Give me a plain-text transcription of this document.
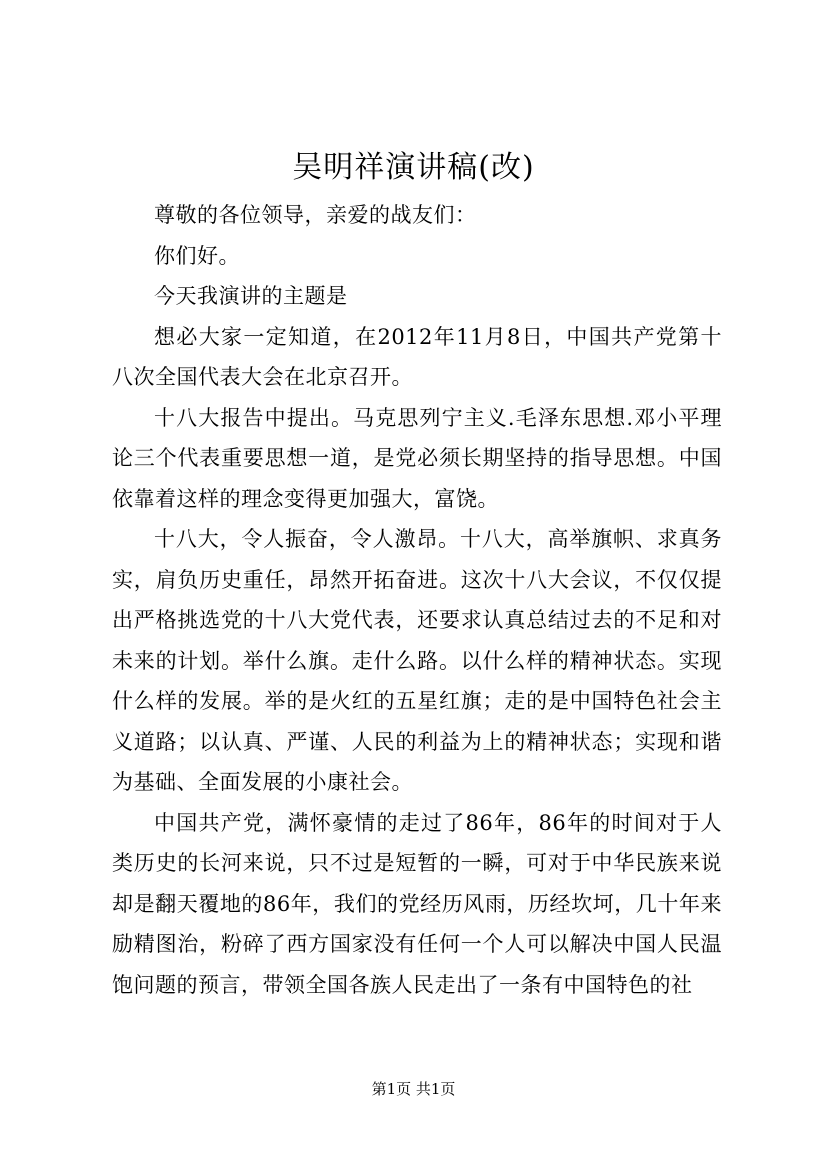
吴明祥演讲稿(改)

尊敬的各位领导，亲爱的战友们：

你们好。

今天我演讲的主题是

想必大家一定知道，在2012年11月8日，中国共产党第十八次全国代表大会在北京召开。

十八大报告中提出。马克思列宁主义.毛泽东思想.邓小平理论三个代表重要思想一道，是党必须长期坚持的指导思想。中国依靠着这样的理念变得更加强大，富饶。

十八大，令人振奋，令人激昂。十八大，高举旗帜、求真务实，肩负历史重任，昂然开拓奋进。这次十八大会议，不仅仅提出严格挑选党的十八大党代表，还要求认真总结过去的不足和对未来的计划。举什么旗。走什么路。以什么样的精神状态。实现什么样的发展。举的是火红的五星红旗；走的是中国特色社会主义道路；以认真、严谨、人民的利益为上的精神状态；实现和谐为基础、全面发展的小康社会。

中国共产党，满怀豪情的走过了86年，86年的时间对于人类历史的长河来说，只不过是短暂的一瞬，可对于中华民族来说却是翻天覆地的86年，我们的党经历风雨，历经坎坷，几十年来励精图治，粉碎了西方国家没有任何一个人可以解决中国人民温饱问题的预言，带领全国各族人民走出了一条有中国特色的社

第1页 共1页
